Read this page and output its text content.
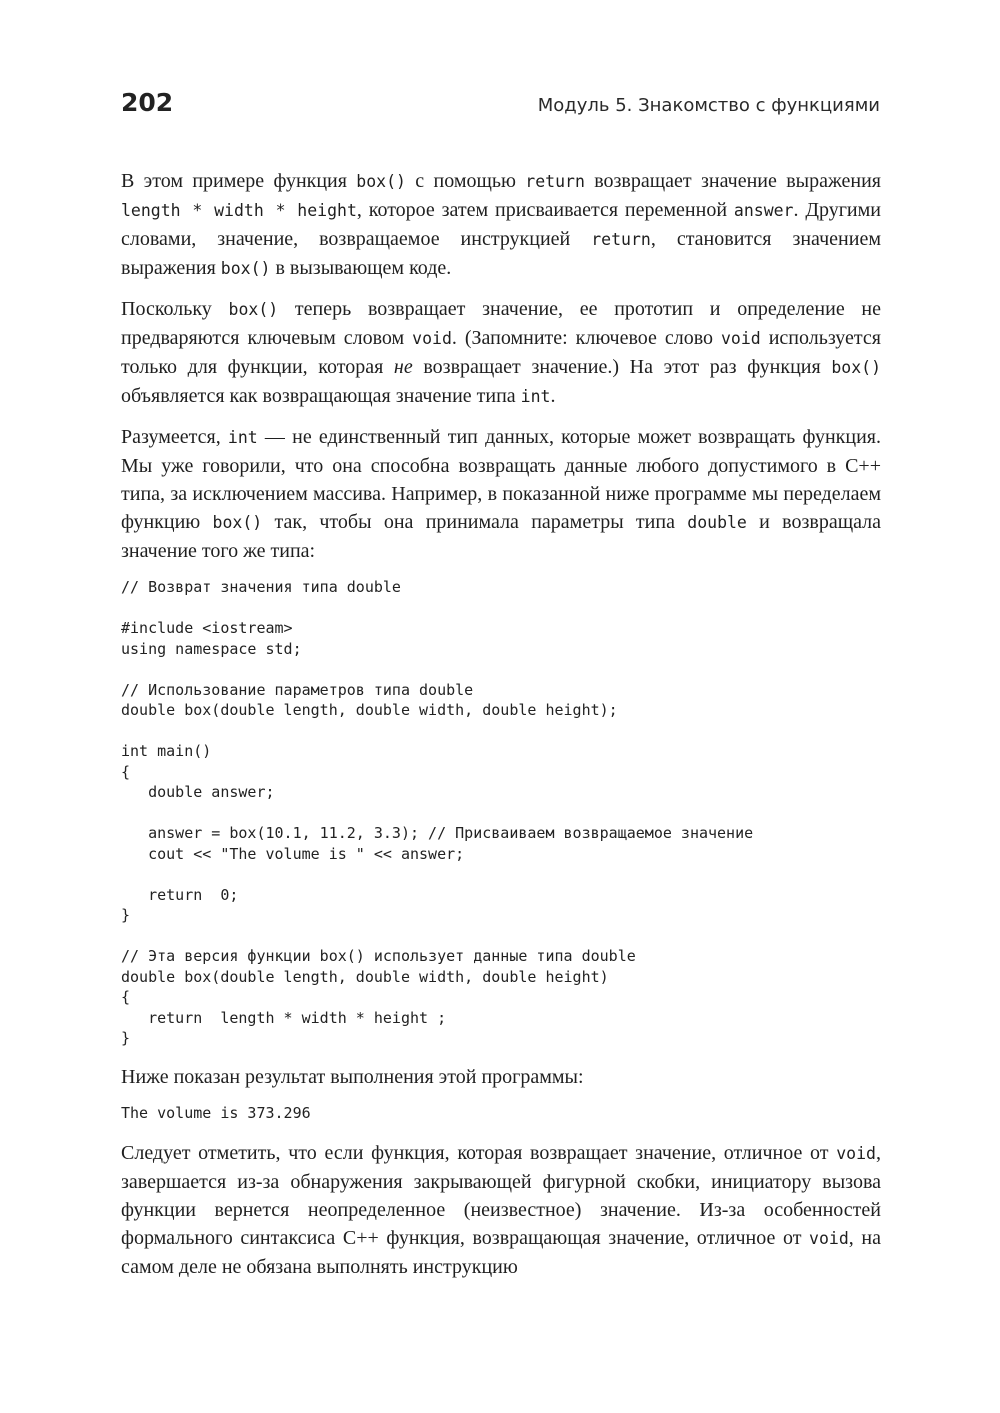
202	Модуль 5. Знакомство с функциями

В этом примере функция box() с помощью return возвращает значение выражения length * width * height, которое затем присваивается переменной answer. Другими словами, значение, возвращаемое инструкцией return, становится значением выражения box() в вызывающем коде.

Поскольку box() теперь возвращает значение, ее прототип и определение не предваряются ключевым словом void. (Запомните: ключевое слово void используется только для функции, которая не возвращает значение.) На этот раз функция box() объявляется как возвращающая значение типа int.

Разумеется, int — не единственный тип данных, которые может возвращать функция. Мы уже говорили, что она способна возвращать данные любого допустимого в C++ типа, за исключением массива. Например, в показанной ниже программе мы переделаем функцию box() так, чтобы она принимала параметры типа double и возвращала значение того же типа:

// Возврат значения типа double

#include <iostream>
using namespace std;

// Использование параметров типа double
double box(double length, double width, double height);

int main()
{
double answer;

answer = box(10.1, 11.2, 3.3); // Присваиваем возвращаемое значение
cout << "The volume is " << answer;

return  0;
}

// Эта версия функции box() использует данные типа double
double box(double length, double width, double height)
{
return  length * width * height ;
}

Ниже показан результат выполнения этой программы:

The volume is 373.296

Следует отметить, что если функция, которая возвращает значение, отличное от void, завершается из-за обнаружения закрывающей фигурной скобки, инициатору вызова функции вернется неопределенное (неизвестное) значение. Из-за особенностей формального синтаксиса C++ функция, возвращающая значение, отличное от void, на самом деле не обязана выполнять инструкцию
